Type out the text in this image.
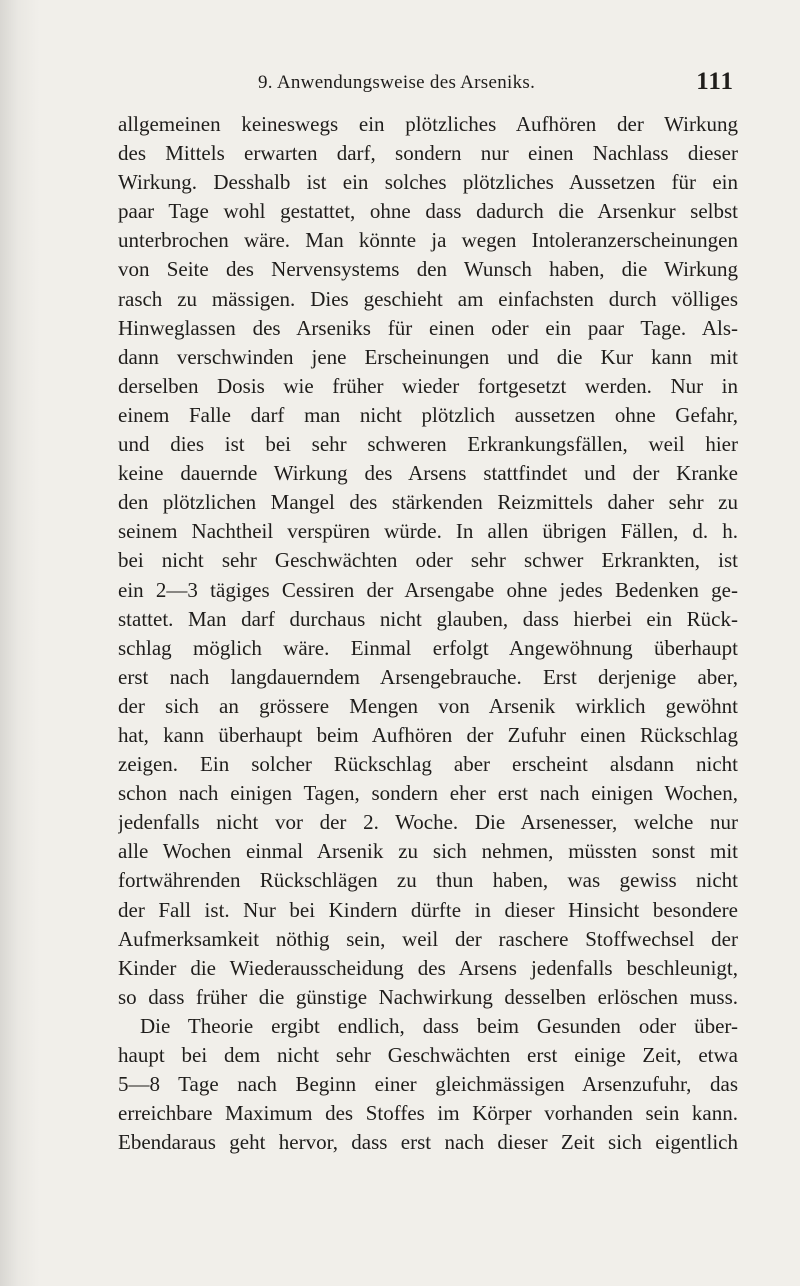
9. Anwendungsweise des Arseniks.	111
allgemeinen keineswegs ein plötzliches Aufhören der Wirkung
des Mittels erwarten darf, sondern nur einen Nachlass dieser
Wirkung. Desshalb ist ein solches plötzliches Aussetzen für ein
paar Tage wohl gestattet, ohne dass dadurch die Arsenkur selbst
unterbrochen wäre. Man könnte ja wegen Intoleranzerscheinungen
von Seite des Nervensystems den Wunsch haben, die Wirkung
rasch zu mässigen. Dies geschieht am einfachsten durch völliges
Hinweglassen des Arseniks für einen oder ein paar Tage. Als-
dann verschwinden jene Erscheinungen und die Kur kann mit
derselben Dosis wie früher wieder fortgesetzt werden. Nur in
einem Falle darf man nicht plötzlich aussetzen ohne Gefahr,
und dies ist bei sehr schweren Erkrankungsfällen, weil hier
keine dauernde Wirkung des Arsens stattfindet und der Kranke
den plötzlichen Mangel des stärkenden Reizmittels daher sehr zu
seinem Nachtheil verspüren würde. In allen übrigen Fällen, d. h.
bei nicht sehr Geschwächten oder sehr schwer Erkrankten, ist
ein 2—3 tägiges Cessiren der Arsengabe ohne jedes Bedenken ge-
stattet. Man darf durchaus nicht glauben, dass hierbei ein Rück-
schlag möglich wäre. Einmal erfolgt Angewöhnung überhaupt
erst nach langdauerndem Arsengebrauche. Erst derjenige aber,
der sich an grössere Mengen von Arsenik wirklich gewöhnt
hat, kann überhaupt beim Aufhören der Zufuhr einen Rückschlag
zeigen. Ein solcher Rückschlag aber erscheint alsdann nicht
schon nach einigen Tagen, sondern eher erst nach einigen Wochen,
jedenfalls nicht vor der 2. Woche. Die Arsenesser, welche nur
alle Wochen einmal Arsenik zu sich nehmen, müssten sonst mit
fortwährenden Rückschlägen zu thun haben, was gewiss nicht
der Fall ist. Nur bei Kindern dürfte in dieser Hinsicht besondere
Aufmerksamkeit nöthig sein, weil der raschere Stoffwechsel der
Kinder die Wiederausscheidung des Arsens jedenfalls beschleunigt,
so dass früher die günstige Nachwirkung desselben erlöschen muss.
Die Theorie ergibt endlich, dass beim Gesunden oder über-
haupt bei dem nicht sehr Geschwächten erst einige Zeit, etwa
5—8 Tage nach Beginn einer gleichmässigen Arsenzufuhr, das
erreichbare Maximum des Stoffes im Körper vorhanden sein kann.
Ebendaraus geht hervor, dass erst nach dieser Zeit sich eigentlich
